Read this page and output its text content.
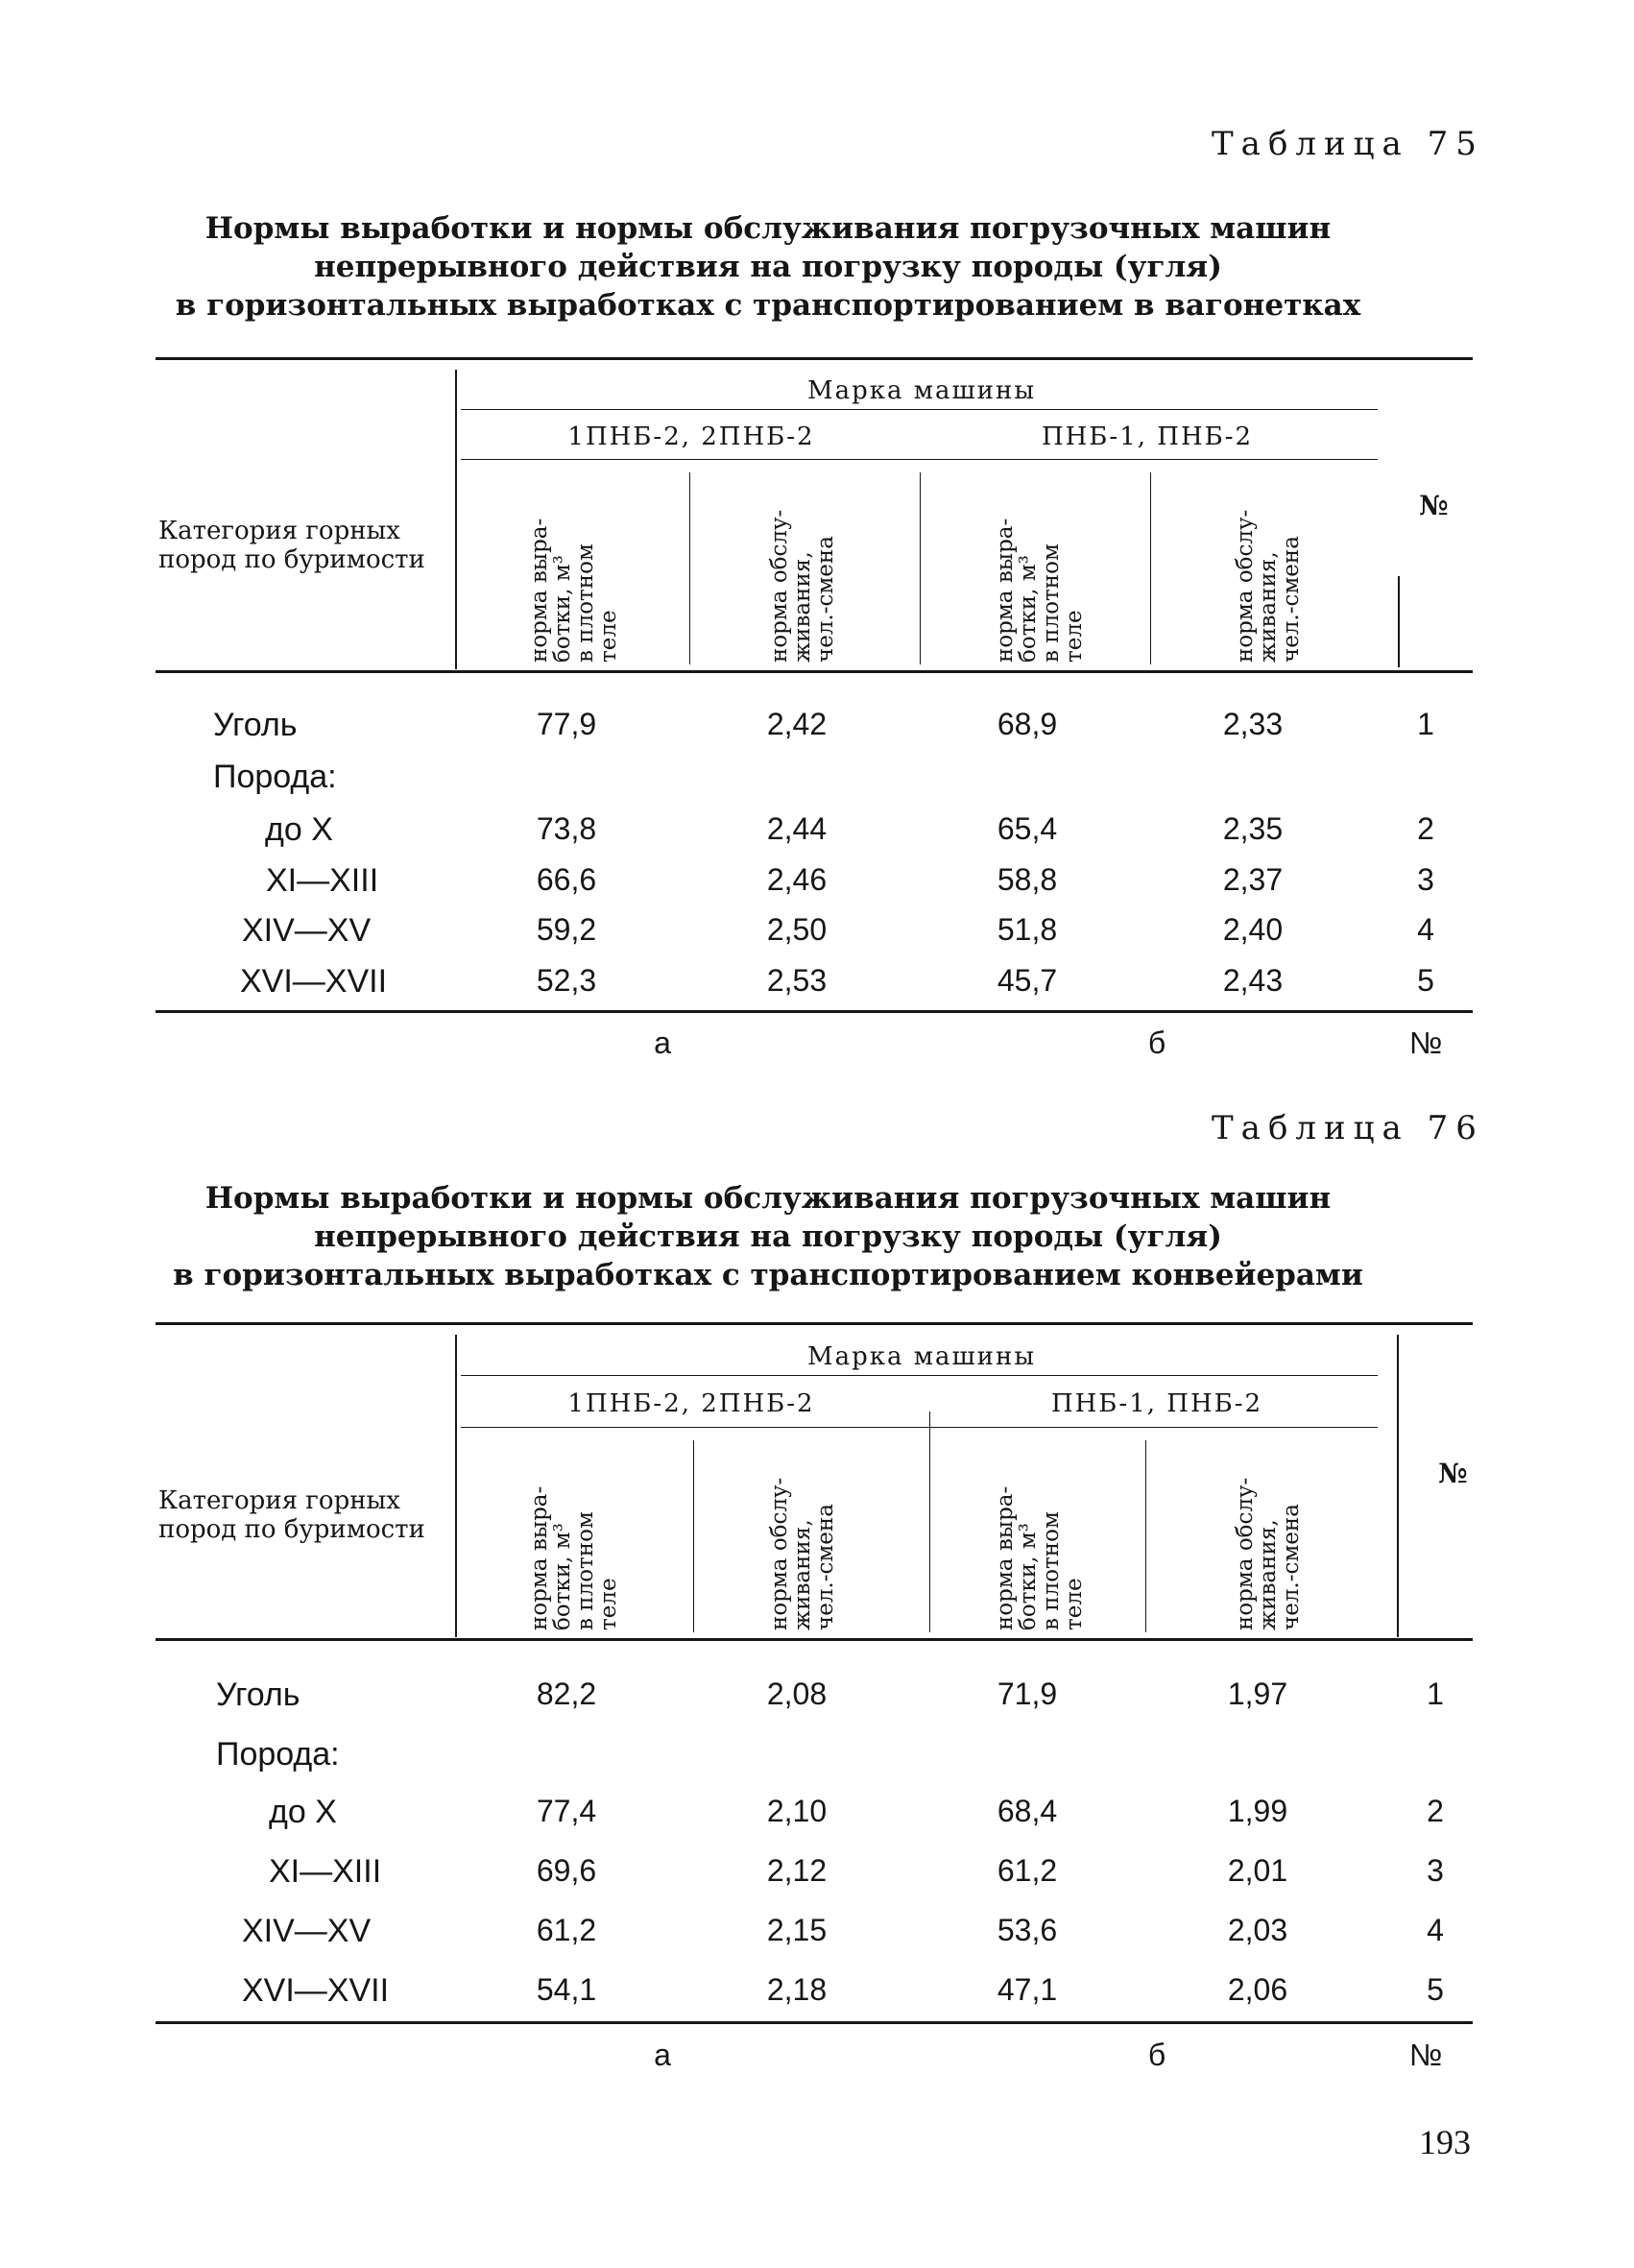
Таблица 75
Нормы выработки и нормы обслуживания погрузочных машин
непрерывного действия на погрузку породы (угля)
в горизонтальных выработках с транспортированием в вагонетках
Марка машины
1ПНБ-2, 2ПНБ-2	ПНБ-1, ПНБ-2
Категория горных
пород по буримости
№
норма выра-
ботки, м³
в плотном
теле	норма обслу-
живания,
чел.-смена	норма выра-
ботки, м³
в плотном
теле	норма обслу-
живания,
чел.-смена
Уголь	77,9	2,42	68,9	2,33	1
Порода:
до X	73,8	2,44	65,4	2,35	2
XI—XIII	66,6	2,46	58,8	2,37	3
XIV—XV	59,2	2,50	51,8	2,40	4
XVI—XVII	52,3	2,53	45,7	2,43	5
а	б	№
Таблица 76
Нормы выработки и нормы обслуживания погрузочных машин
непрерывного действия на погрузку породы (угля)
в горизонтальных выработках с транспортированием конвейерами
Марка машины
1ПНБ-2, 2ПНБ-2	ПНБ-1, ПНБ-2
Категория горных
пород по буримости
№
норма выра-
ботки, м³
в плотном
теле	норма обслу-
живания,
чел.-смена	норма выра-
ботки, м³
в плотном
теле	норма обслу-
живания,
чел.-смена
Уголь	82,2	2,08	71,9	1,97	1
Порода:
до X	77,4	2,10	68,4	1,99	2
XI—XIII	69,6	2,12	61,2	2,01	3
XIV—XV	61,2	2,15	53,6	2,03	4
XVI—XVII	54,1	2,18	47,1	2,06	5
а	б	№
193
